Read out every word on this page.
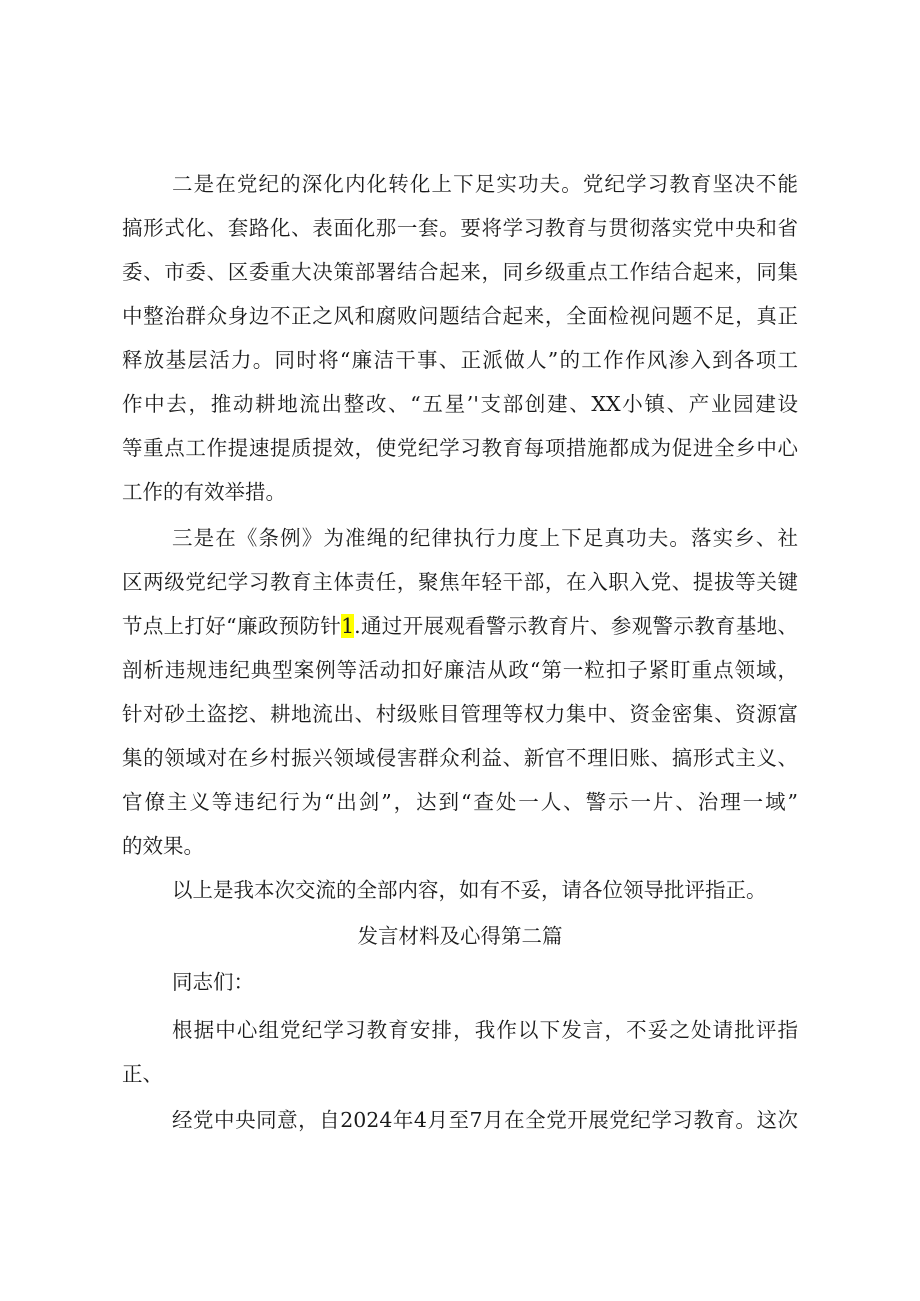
二是在党纪的深化内化转化上下足实功夫。党纪学习教育坚决不能
搞形式化、套路化、表面化那一套。要将学习教育与贯彻落实党中央和省
委、市委、区委重大决策部署结合起来，同乡级重点工作结合起来，同集
中整治群众身边不正之风和腐败问题结合起来，全面检视问题不足，真正
释放基层活力。同时将“廉洁干事、正派做人”的工作作风渗入到各项工
作中去，推动耕地流出整改、“五星’'支部创建、XX小镇、产业园建设
等重点工作提速提质提效，使党纪学习教育每项措施都成为促进全乡中心
工作的有效举措。
三是在《条例》为准绳的纪律执行力度上下足真功夫。落实乡、社
区两级党纪学习教育主体责任，聚焦年轻干部，在入职入党、提拔等关键
节点上打好“廉政预防针1.通过开展观看警示教育片、参观警示教育基地、
剖析违规违纪典型案例等活动扣好廉洁从政“第一粒扣子紧盯重点领域，
针对砂土盗挖、耕地流出、村级账目管理等权力集中、资金密集、资源富
集的领域对在乡村振兴领域侵害群众利益、新官不理旧账、搞形式主义、
官僚主义等违纪行为“出剑”，达到“查处一人、警示一片、治理一域”
的效果。
以上是我本次交流的全部内容，如有不妥，请各位领导批评指正。
发言材料及心得第二篇
同志们：
根据中心组党纪学习教育安排，我作以下发言，不妥之处请批评指
正、
经党中央同意，自2024年4月至7月在全党开展党纪学习教育。这次
